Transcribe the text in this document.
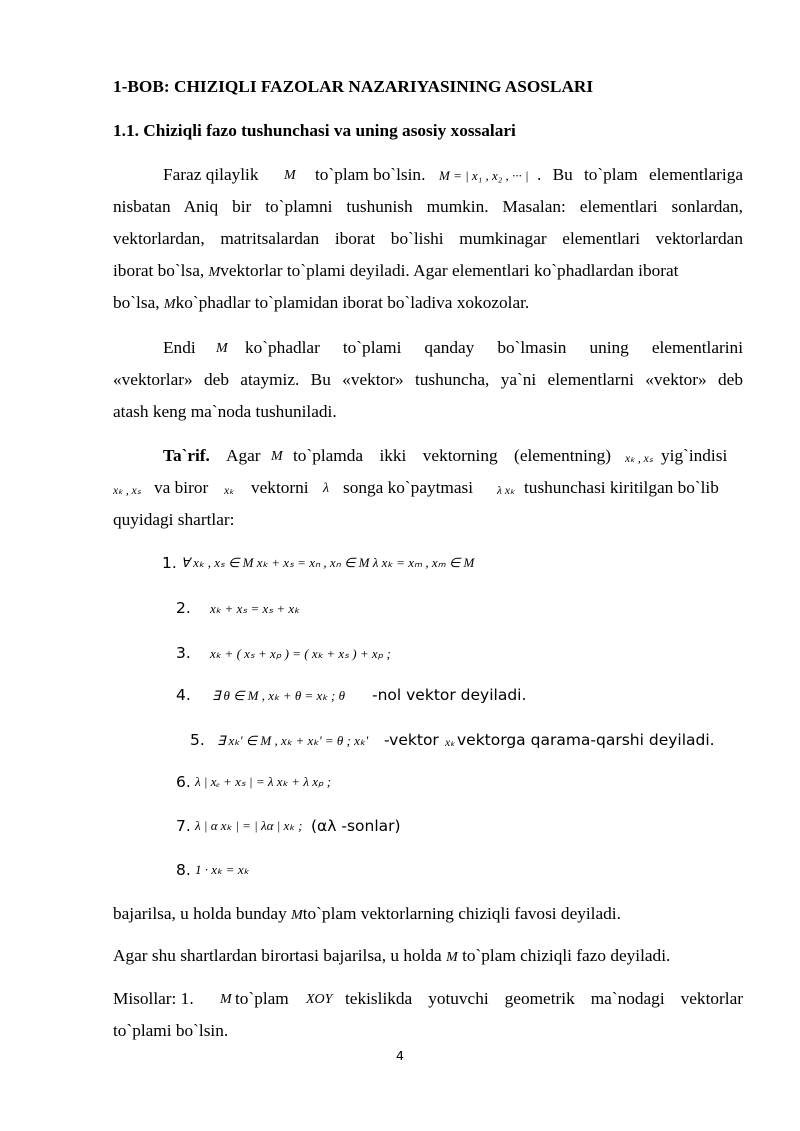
1-BOB: CHIZIQLI FAZOLAR NAZARIYASINING ASOSLARI
1.1. Chiziqli fazo tushunchasi va uning asosiy xossalari
Faraz qilaylik M to`plam bo`lsin. M = | x₁ , x₂ , ··· | . Bu to`plam elementlariga
nisbatan Aniq bir to`plamni tushunish mumkin. Masalan: elementlari sonlardan,
vektorlardan, matritsalardan iborat bo`lishi mumkinagar elementlari vektorlardan
iborat bo`lsa, Mvektorlar to`plami deyiladi. Agar elementlari ko`phadlardan iborat
bo`lsa, Mko`phadlar to`plamidan iborat bo`ladiva xokozolar.
Endi M ko`phadlar to`plami qanday bo`lmasin uning elementlarini
«vektorlar» deb ataymiz. Bu «vektor» tushuncha, ya`ni elementlarni «vektor» deb
atash keng ma`noda tushuniladi.
Ta`rif. Agar M to`plamda ikki vektorning (elementning) xₖ , xₛ yig`indisi
xₖ , xₛ va biror xₖ vektorni λ songa ko`paytmasi λ xₖ tushunchasi kiritilgan bo`lib
quyidagi shartlar:
1. ∀ xₖ , xₛ ∈ M xₖ + xₛ = xₙ , xₙ ∈ M λ xₖ = xₘ , xₘ ∈ M
2. xₖ + xₛ = xₛ + xₖ
3. xₖ + ( xₛ + xₚ ) = ( xₖ + xₛ ) + xₚ ;
4. ∃ θ ∈ M , xₖ + θ = xₖ ; θ -nol vektor deyiladi.
5. ∃ xₖ' ∈ M , xₖ + xₖ' = θ ; xₖ' -vektor xₖ vektorga qarama-qarshi deyiladi.
6. λ | xₑ + xₛ | = λ xₖ + λ xₚ ;
7. λ | α xₖ | = | λα | xₖ ; (αλ -sonlar)
8. 1 · xₖ = xₖ
bajarilsa, u holda bunday Mto`plam vektorlarning chiziqli favosi deyiladi.
Agar shu shartlardan birortasi bajarilsa, u holda M to`plam chiziqli fazo deyiladi.
Misollar: 1. M to`plam XOY tekislikda yotuvchi geometrik ma`nodagi vektorlar
to`plami bo`lsin.
4
